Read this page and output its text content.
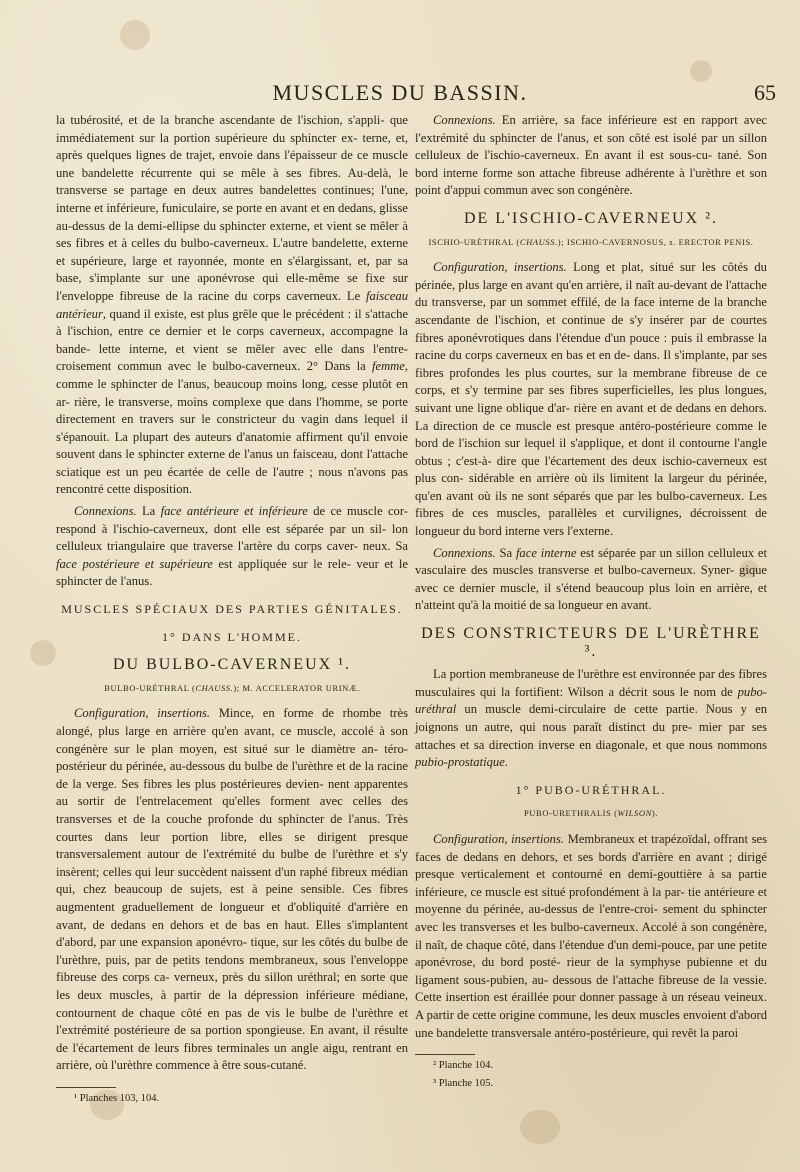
MUSCLES DU BASSIN.	65

la tubérosité, et de la branche ascendante de l'ischion, s'appli- que immédiatement sur la portion supérieure du sphincter ex- terne, et, après quelques lignes de trajet, envoie dans l'épaisseur de ce muscle une bandelette récurrente qui se mêle à ses fibres. Au-delà, le transverse se partage en deux autres bandelettes continues; l'une, interne et inférieure, funiculaire, se porte en avant et en dedans, glisse au-dessus de la demi-ellipse du sphincter externe, et vient se mêler à ses fibres et à celles du bulbo-caverneux. L'autre bandelette, externe et supérieure, large et rayonnée, monte en s'élargissant, et, par sa base, s'implante sur une aponévrose qui elle-même se fixe sur l'enveloppe fibreuse de la racine du corps caverneux. Le faisceau antérieur, quand il existe, est plus grêle que le précédent : il s'attache à l'ischion, entre ce dernier et le corps caverneux, accompagne la bande- lette interne, et vient se mêler avec elle dans l'entre-croisement commun avec le bulbo-caverneux. 2° Dans la femme, comme le sphincter de l'anus, beaucoup moins long, cesse plutôt en ar- rière, le transverse, moins complexe que dans l'homme, se porte directement en travers sur le constricteur du vagin dans lequel il s'épanouit. La plupart des auteurs d'anatomie affirment qu'il envoie souvent dans le sphincter externe de l'anus un faisceau, dont l'attache sciatique est un peu écartée de celle de l'autre ; nous n'avons pas rencontré cette disposition.

Connexions. La face antérieure et inférieure de ce muscle cor- respond à l'ischio-caverneux, dont elle est séparée par un sil- lon celluleux triangulaire que traverse l'artère du corps caver- neux. Sa face postérieure et supérieure est appliquée sur le rele- veur et le sphincter de l'anus.

MUSCLES SPÉCIAUX DES PARTIES GÉNITALES.
1° DANS L'HOMME.
DU BULBO-CAVERNEUX ¹.
BULBO-URÉTHRAL (CHAUSS.); M. ACCELERATOR URINÆ.

Configuration, insertions. Mince, en forme de rhombe très alongé, plus large en arrière qu'en avant, ce muscle, accolé à son congénère sur le plan moyen, est situé sur le diamètre an- téro-postérieur du périnée, au-dessous du bulbe de l'urèthre et de la racine de la verge. Ses fibres les plus postérieures devien- nent apparentes au sortir de l'entrelacement qu'elles forment avec celles des transverses et de la couche profonde du sphincter de l'anus. Très courtes dans leur portion libre, elles se dirigent presque transversalement autour de l'extrémité du bulbe de l'urèthre et s'y insèrent; celles qui leur succèdent naissent d'un raphé fibreux médian qui, chez beaucoup de sujets, est à peine sensible. Ces fibres augmentent graduellement de longueur et d'obliquité d'arrière en avant, de dedans en dehors et de bas en haut. Elles s'implantent d'abord, par une expansion aponévro- tique, sur les côtés du bulbe de l'urèthre, puis, par de petits tendons membraneux, sous l'enveloppe fibreuse des corps ca- verneux, près du sillon uréthral; en sorte que les deux muscles, à partir de la dépression inférieure médiane, contournent de chaque côté en pas de vis le bulbe de l'urèthre et l'extrémité postérieure de sa portion spongieuse. En avant, il résulte de l'écartement de leurs fibres terminales un angle aigu, rentrant en arrière, où l'urèthre commence à être sous-cutané.

¹ Planches 103, 104.

Connexions. En arrière, sa face inférieure est en rapport avec l'extrémité du sphincter de l'anus, et son côté est isolé par un sillon celluleux de l'ischio-caverneux. En avant il est sous-cu- tané. Son bord interne forme son attache fibreuse adhérente à l'urèthre et son point d'appui commun avec son congénère.

DE L'ISCHIO-CAVERNEUX ².
ISCHIO-URÉTHRAL (CHAUSS.); ISCHIO-CAVERNOSUS, s. ERECTOR PENIS.

Configuration, insertions. Long et plat, situé sur les côtés du périnée, plus large en avant qu'en arrière, il naît au-devant de l'attache du transverse, par un sommet effilé, de la face interne de la branche ascendante de l'ischion, et continue de s'y insérer par de courtes fibres aponévrotiques dans l'étendue d'un pouce : puis il embrasse la racine du corps caverneux en bas et en de- dans. Il s'implante, par ses fibres profondes les plus courtes, sur la membrane fibreuse de ce corps, et s'y termine par ses fibres superficielles, les plus longues, suivant une ligne oblique d'ar- rière en avant et de dedans en dehors. La direction de ce muscle est presque antéro-postérieure comme le bord de l'ischion sur lequel il s'applique, et dont il contourne l'angle obtus ; c'est-à- dire que l'écartement des deux ischio-caverneux est plus con- sidérable en arrière où ils limitent la largeur du périnée, qu'en avant où ils ne sont séparés que par les bulbo-caverneux. Les fibres de ces muscles, parallèles et curvilignes, décroissent de longueur du bord interne vers l'externe.

Connexions. Sa face interne est séparée par un sillon celluleux et vasculaire des muscles transverse et bulbo-caverneux. Syner- gique avec ce dernier muscle, il s'étend beaucoup plus loin en arrière, et n'atteint qu'à la moitié de sa longueur en avant.

DES CONSTRICTEURS DE L'URÈTHRE ³.

La portion membraneuse de l'urèthre est environnée par des fibres musculaires qui la fortifient: Wilson a décrit sous le nom de pubo-uréthral un muscle demi-circulaire de cette partie. Nous y en joignons un autre, qui nous paraît distinct du pre- mier par ses attaches et sa direction inverse en diagonale, et que nous nommons pubio-prostatique.

1° PUBO-URÉTHRAL.
PUBO-URETHRALIS (WILSON).

Configuration, insertions. Membraneux et trapézoïdal, offrant ses faces de dedans en dehors, et ses bords d'arrière en avant ; dirigé presque verticalement et contourné en demi-gouttière à sa partie inférieure, ce muscle est situé profondément à la par- tie antérieure et moyenne du périnée, au-dessus de l'entre-croi- sement du sphincter avec les transverses et les bulbo-caverneux. Accolé à son congénère, il naît, de chaque côté, dans l'étendue d'un demi-pouce, par une petite aponévrose, du bord posté- rieur de la symphyse pubienne et du ligament sous-pubien, au- dessous de l'attache fibreuse de la vessie. Cette insertion est éraillée pour donner passage à un réseau veineux. A partir de cette origine commune, les deux muscles envoient d'abord une bandelette transversale antéro-postérieure, qui revêt la paroi

² Planche 104.

³ Planche 105.
